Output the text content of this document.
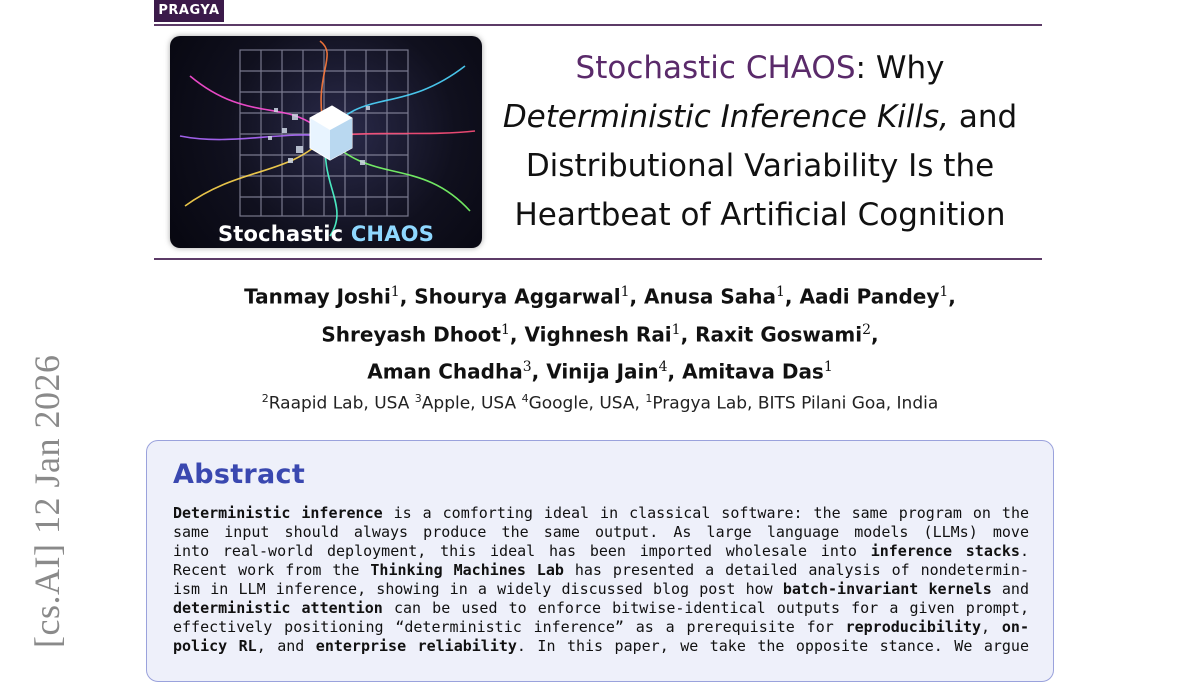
[cs.AI] 12 Jan 2026
PRAGYA
Stochastic CHAOS
Stochastic CHAOS: Why
Deterministic Inference Kills, and
Distributional Variability Is the
Heartbeat of Artificial Cognition
Tanmay Joshi$^1$, Shourya Aggarwal$^1$, Anusa Saha$^1$, Aadi Pandey$^1$,
Shreyash Dhoot$^1$, Vighnesh Rai$^1$, Raxit Goswami$^2$,
Aman Chadha$^3$, Vinija Jain$^4$, Amitava Das$^1$
$^2$Raapid Lab, USA $^3$Apple, USA $^4$Google, USA, $^1$Pragya Lab, BITS Pilani Goa, India
Abstract
Deterministic inference is a comforting ideal in classical software: the same program on the
same input should always produce the same output. As large language models (LLMs) move
into real-world deployment, this ideal has been imported wholesale into inference stacks.
Recent work from the Thinking Machines Lab has presented a detailed analysis of nondetermin-
ism in LLM inference, showing in a widely discussed blog post how batch-invariant kernels and
deterministic attention can be used to enforce bitwise-identical outputs for a given prompt,
effectively positioning “deterministic inference” as a prerequisite for reproducibility, on-
policy RL, and enterprise reliability. In this paper, we take the opposite stance. We argue
